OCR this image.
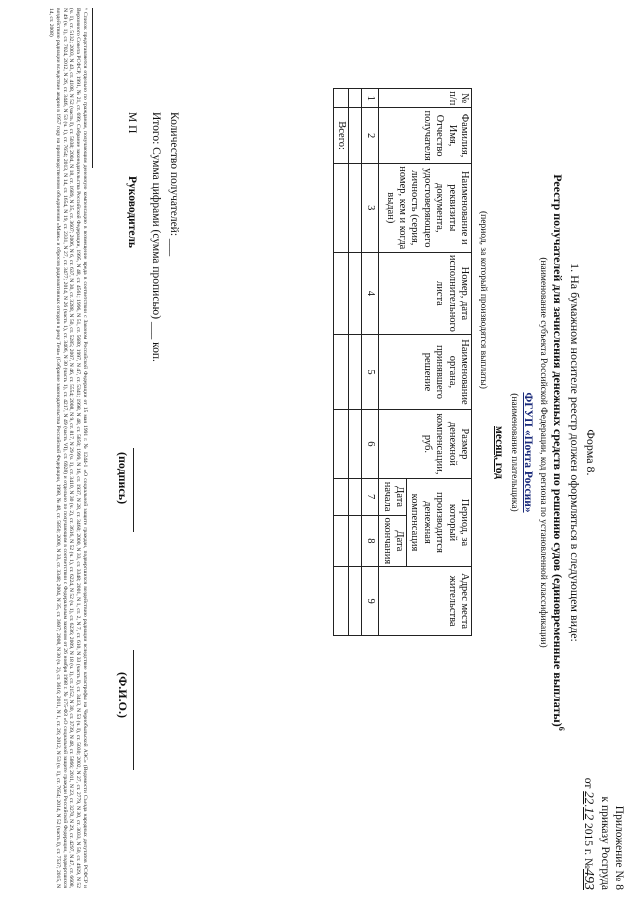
Приложение № 8
к приказу Росгруда
от 22.12 2015 г. №493
Форма 8.
1. На бумажном носителе реестр должен оформляться в следующем виде:
Реестр получателей для зачисления денежных средств по решению судов (единовременные выплаты)$^6$
(наименование субъекта Российской Федерации, код региона по установленной классификации)
ФГУП «Почта России»
(наименование плательщика)
месяц, год
(период, за который производятся выплаты)
№ п/п	Фамилия, Имя, Отчество получателя	Наименование и реквизиты документа, удостоверяющего личность (серия, номер, кем и когда выдан)	Номер, дата исполнительного листа	Наименование органа, принявшего решение	Размер денежной компенсации, руб.	Период, за который производится денежная компенсация		Адрес места жительства
						Дата начала	Дата окончания	
1	2	3	4	5	6	7	8	9

	Всего:							
Количество получателей: ___
Итого: Сумма цифрами (сумма прописью) ___ коп.
М П
Руководитель
(подпись)
(Ф.И.О.)
⁶ Список представляется отдельно по гражданам, получающим денежную компенсацию в возмещение вреда в соответствии с Законом Российской Федерации от 15 мая 1991 г. № 1244-1 «О социальной защите граждан, подвергшихся воздействию радиации вследствие катастрофы на Чернобыльской АЭС» (Ведомости Съезда народных депутатов РСФСР и Верховного Совета РСФСР, 1991, № 21, ст. 699; Собрание законодательства Российской Федерации, 1995, N 48, ст. 4561; 1996, N 51, ст. 5680; 1997, N 47, ст. 5341; 1998, N 48, ст. 5850; 1999, N 16, ст. 1937, N 28, ст. 3460; 2000, N 33, ст. 3348; 2001, N 1, ст. 2, N 7, ст. 610, N 33 (часть I), ст. 3413, N 53 (ч. I), ст. 5030; 2002, N 27, ст. 2779, N 30, ст. 3033, N 50, ст. 4929, N 52 (ч. 1), ст. 5132; 2003, N 43, ст. 4108, N 52 (часть I), ст. 5038; 2004, N 18, ст. 1689, N 35, ст. 3607; 2006, N 6, ст. 637, N 30, ст. 3288, N 50, ст. 5285; 2007, N 46, ст. 5554; 2008, N 9, ст. 817, N 29 (ч. 1), ст. 3410, N 30 (ч. 2), ст. 3616, N 52 (ч. 1), ст. 6224, N 52 (ч. 1), ст. 6236; 2009, N 18 (ч. 1), ст. 2152, N 30, ст. 3739, N 48, ст. 5866; 2011, N 23, ст. 3270, N 29, ст. 4297, N 47, ст. 6608, N 49 (ч. 1), ст. 7024, 2012, N 26, ст. 3446, N 53 (ч. 1), ст. 7654; 2013, N 14, ст. 1654, N 19, ст. 2331, N 27, ст. 3477; 2014, N 26 (часть 1), ст. 3406, N 30 (часть 1), ст. 4217, N 49 (часть VI), ст. 6928) и отдельно по получающим в соответствии с Федеральным законом от 26 ноября 1998 г. № 175-ФЗ «О социальной защите граждан Российской Федерации, подвергшихся воздействию радиации вследствие аварии в 1957 году на производственном объединении «Маяк» и сбросов радиоактивных отходов в реку Теча» (Собрание законодательства Российской Федерации, 1998, № 48, ст. 5850; 2000, N 33, ст. 3348; 2004, N 35, ст. 3607; 2008, N 30 (ч. 2), ст. 3616; 2011, N 1, ст. 26; 2012, N 53 (ч. 1), ст. 7654; 2014, N 52 (часть I), ст. 7537; 2015, N 14, ст. 2008)
